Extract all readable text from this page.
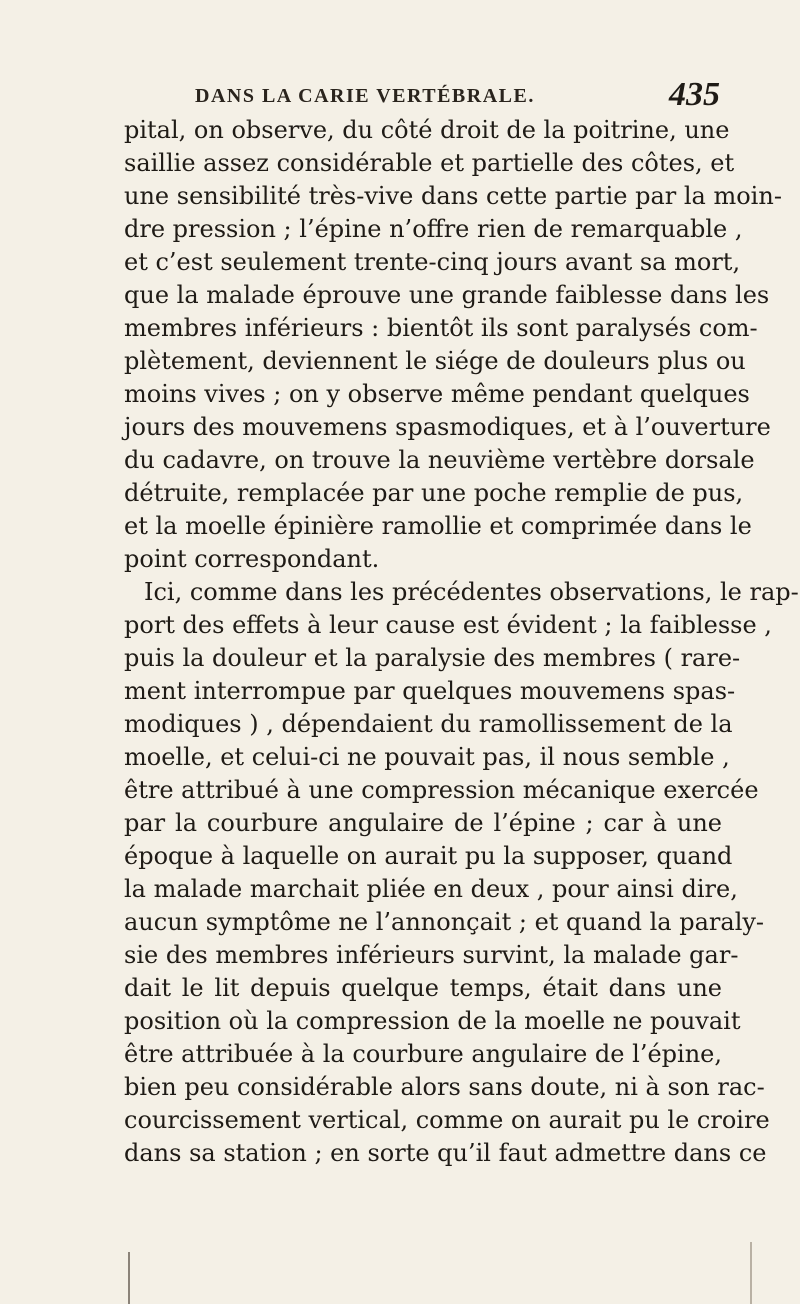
DANS LA CARIE VERTÉBRALE.	435
pital, on observe, du côté droit de la poitrine, une
saillie assez considérable et partielle des côtes, et
une sensibilité très-vive dans cette partie par la moin-
dre pression ; l’épine n’offre rien de remarquable ,
et c’est seulement trente-cinq jours avant sa mort,
que la malade éprouve une grande faiblesse dans les
membres inférieurs : bientôt ils sont paralysés com-
plètement, deviennent le siége de douleurs plus ou
moins vives ; on y observe même pendant quelques
jours des mouvemens spasmodiques, et à l’ouverture
du cadavre, on trouve la neuvième vertèbre dorsale
détruite, remplacée par une poche remplie de pus,
et la moelle épinière ramollie et comprimée dans le
point correspondant.
Ici, comme dans les précédentes observations, le rap-
port des effets à leur cause est évident ; la faiblesse ,
puis la douleur et la paralysie des membres ( rare-
ment interrompue par quelques mouvemens spas-
modiques ) , dépendaient du ramollissement de la
moelle, et celui-ci ne pouvait pas, il nous semble ,
être attribué à une compression mécanique exercée
par la courbure angulaire de l’épine ; car à une
époque à laquelle on aurait pu la supposer, quand
la malade marchait pliée en deux , pour ainsi dire,
aucun symptôme ne l’annonçait ; et quand la paraly-
sie des membres inférieurs survint, la malade gar-
dait le lit depuis quelque temps, était dans une
position où la compression de la moelle ne pouvait
être attribuée à la courbure angulaire de l’épine,
bien peu considérable alors sans doute, ni à son rac-
courcissement vertical, comme on aurait pu le croire
dans sa station ; en sorte qu’il faut admettre dans ce
